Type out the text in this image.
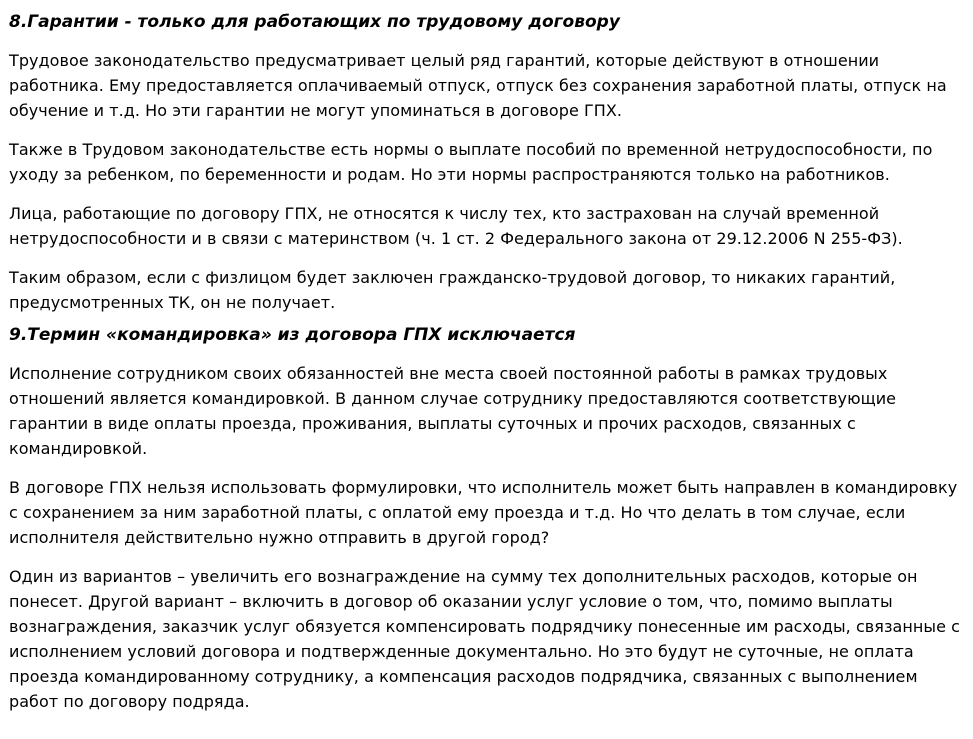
8.Гарантии - только для работающих по трудовому договору

Трудовое законодательство предусматривает целый ряд гарантий, которые действуют в отношении работника. Ему предоставляется оплачиваемый отпуск, отпуск без сохранения заработной платы, отпуск на обучение и т.д. Но эти гарантии не могут упоминаться в договоре ГПХ.

Также в Трудовом законодательстве есть нормы о выплате пособий по временной нетрудоспособности, по уходу за ребенком, по беременности и родам. Но эти нормы распространяются только на работников.

Лица, работающие по договору ГПХ, не относятся к числу тех, кто застрахован на случай временной нетрудоспособности и в связи с материнством (ч. 1 ст. 2 Федерального закона от 29.12.2006 N 255-ФЗ).

Таким образом, если с физлицом будет заключен гражданско-трудовой договор, то никаких гарантий, предусмотренных ТК, он не получает.

9.Термин «командировка» из договора ГПХ исключается

Исполнение сотрудником своих обязанностей вне места своей постоянной работы в рамках трудовых отношений является командировкой. В данном случае сотруднику предоставляются соответствующие гарантии в виде оплаты проезда, проживания, выплаты суточных и прочих расходов, связанных с командировкой.

В договоре ГПХ нельзя использовать формулировки, что исполнитель может быть направлен в командировку с сохранением за ним заработной платы, с оплатой ему проезда и т.д. Но что делать в том случае, если исполнителя действительно нужно отправить в другой город?

Один из вариантов – увеличить его вознаграждение на сумму тех дополнительных расходов, которые он понесет. Другой вариант – включить в договор об оказании услуг условие о том, что, помимо выплаты вознаграждения, заказчик услуг обязуется компенсировать подрядчику понесенные им расходы, связанные с исполнением условий договора и подтвержденные документально. Но это будут не суточные, не оплата проезда командированному сотруднику, а компенсация расходов подрядчика, связанных с выполнением работ по договору подряда.
